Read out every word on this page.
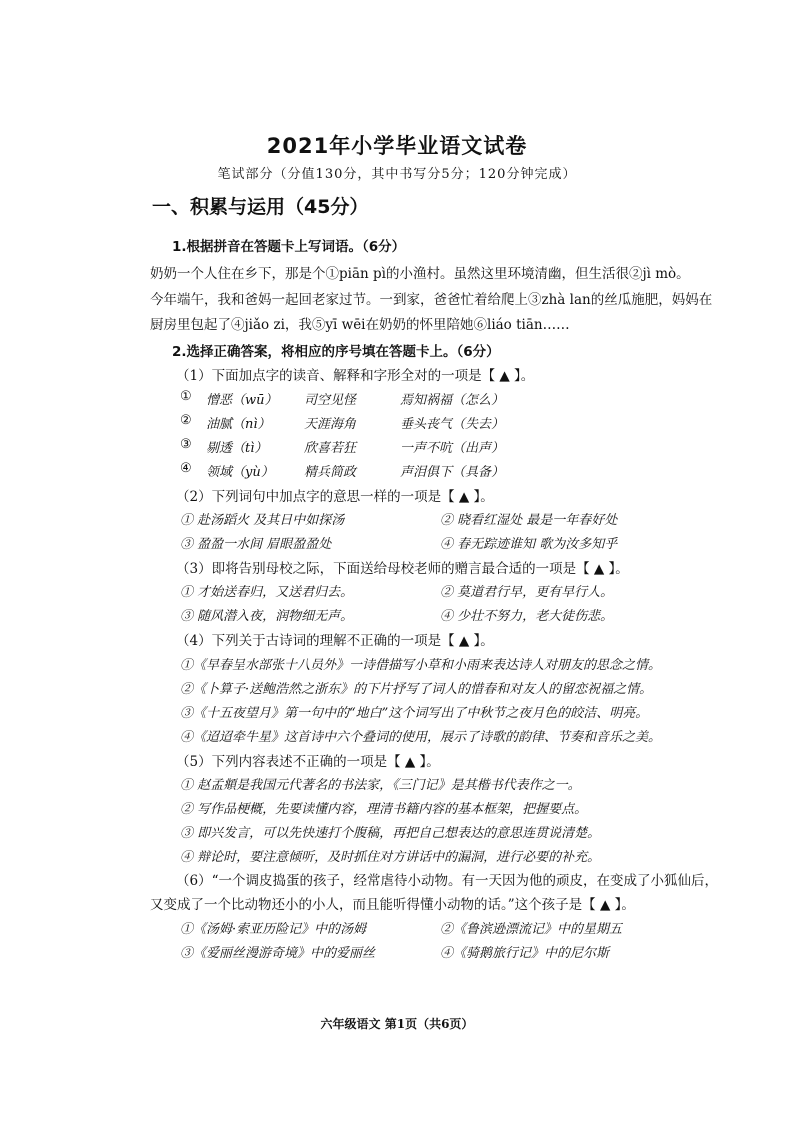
2021年小学毕业语文试卷
笔试部分（分值130分，其中书写分5分；120分钟完成）
一、积累与运用（45分）
1.根据拼音在答题卡上写词语。（6分）
奶奶一个人住在乡下，那是个①piān pì的小渔村。虽然这里环境清幽，但生活很②jì mò。
今年端午，我和爸妈一起回老家过节。一到家，爸爸忙着给爬上③zhà lan的丝瓜施肥，妈妈在
厨房里包起了④jiǎo zi，我⑤yī wēi在奶奶的怀里陪她⑥liáo tiān……
2.选择正确答案，将相应的序号填在答题卡上。（6分）
（1）下面加点字的读音、解释和字形全对的一项是【 ▲ 】。
① 憎恶（wū） 司空见怪	焉知祸福（怎么）
② 油腻（nì）	天涯海角	垂头丧气（失去）
③ 剔透（tì）	欣喜若狂	一声不吭（出声）
④ 领域（yù） 精兵简政	声泪俱下（具备）
（2）下列词句中加点字的意思一样的一项是【 ▲ 】。
① 赴汤蹈火 及其日中如探汤	② 晓看红湿处 最是一年春好处
③ 盈盈一水间 眉眼盈盈处	④ 春无踪迹谁知 歌为汝多知乎
（3）即将告别母校之际，下面送给母校老师的赠言最合适的一项是【 ▲ 】。
① 才始送春归，又送君归去。	② 莫道君行早，更有早行人。
③ 随风潜入夜，润物细无声。	④ 少壮不努力，老大徒伤悲。
（4）下列关于古诗词的理解不正确的一项是【 ▲ 】。
①《早春呈水部张十八员外》一诗借描写小草和小雨来表达诗人对朋友的思念之情。
②《卜算子·送鲍浩然之浙东》的下片抒写了词人的惜春和对友人的留恋祝福之情。
③《十五夜望月》第一句中的“地白”这个词写出了中秋节之夜月色的皎洁、明亮。
④《迢迢牵牛星》这首诗中六个叠词的使用，展示了诗歌的韵律、节奏和音乐之美。
（5）下列内容表述不正确的一项是【 ▲ 】。
① 赵孟頫是我国元代著名的书法家，《三门记》是其楷书代表作之一。
② 写作品梗概，先要读懂内容，理清书籍内容的基本框架，把握要点。
③ 即兴发言，可以先快速打个腹稿，再把自己想表达的意思连贯说清楚。
④ 辩论时，要注意倾听，及时抓住对方讲话中的漏洞，进行必要的补充。
（6）“一个调皮捣蛋的孩子，经常虐待小动物。有一天因为他的顽皮，在变成了小狐仙后，
又变成了一个比动物还小的小人，而且能听得懂小动物的话。”这个孩子是【 ▲ 】。
①《汤姆·索亚历险记》中的汤姆	②《鲁滨逊漂流记》中的星期五
③《爱丽丝漫游奇境》中的爱丽丝	④《骑鹅旅行记》中的尼尔斯
六年级语文 第1页（共6页）
